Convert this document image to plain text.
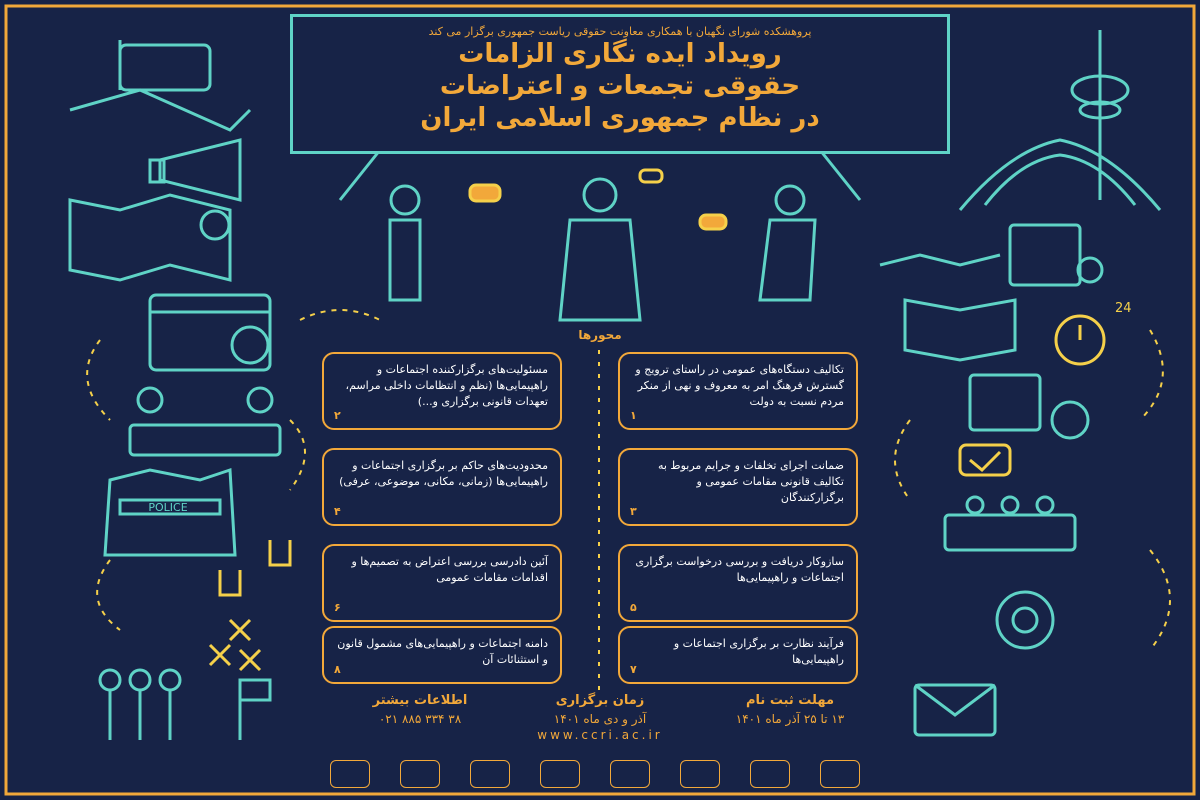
POLICE
24
پروهشکده شورای نگهبان با همکاری معاونت حقوقی ریاست جمهوری برگزار می کند
رویداد ایده نگاری الزامات
حقوقی تجمعات و اعتراضات
در نظام جمهوری اسلامی ایران
محورها
تکالیف دستگاه‌های عمومی در راستای ترویج و گسترش فرهنگ امر به معروف و نهی از منکر مردم نسبت به دولت
۱
مسئولیت‌های برگزارکننده اجتماعات و راهپیمایی‌ها (نظم و انتظامات داخلی مراسم، تعهدات قانونی برگزاری و...)
۲
ضمانت اجرای تخلفات و جرایم مربوط به تکالیف قانونی مقامات عمومی و برگزارکنندگان
۳
محدودیت‌های حاکم بر برگزاری اجتماعات و راهپیمایی‌ها (زمانی، مکانی، موضوعی، عرفی)
۴
سازوکار دریافت و بررسی درخواست برگزاری اجتماعات و راهپیمایی‌ها
۵
آئین دادرسی بررسی اعتراض به تصمیم‌ها و اقدامات مقامات عمومی
۶
فرآیند نظارت بر برگزاری اجتماعات و راهپیمایی‌ها
۷
دامنه اجتماعات و راهپیمایی‌های مشمول قانون و استثنائات آن
۸
مهلت ثبت نام
۱۳ تا ۲۵ آذر ماه ۱۴۰۱
زمان برگزاری
آذر و دی ماه ۱۴۰۱
اطلاعات بیشتر
۰۲۱ ۸۸۵ ۳۳۴ ۳۸
www.ccri.ac.ir
